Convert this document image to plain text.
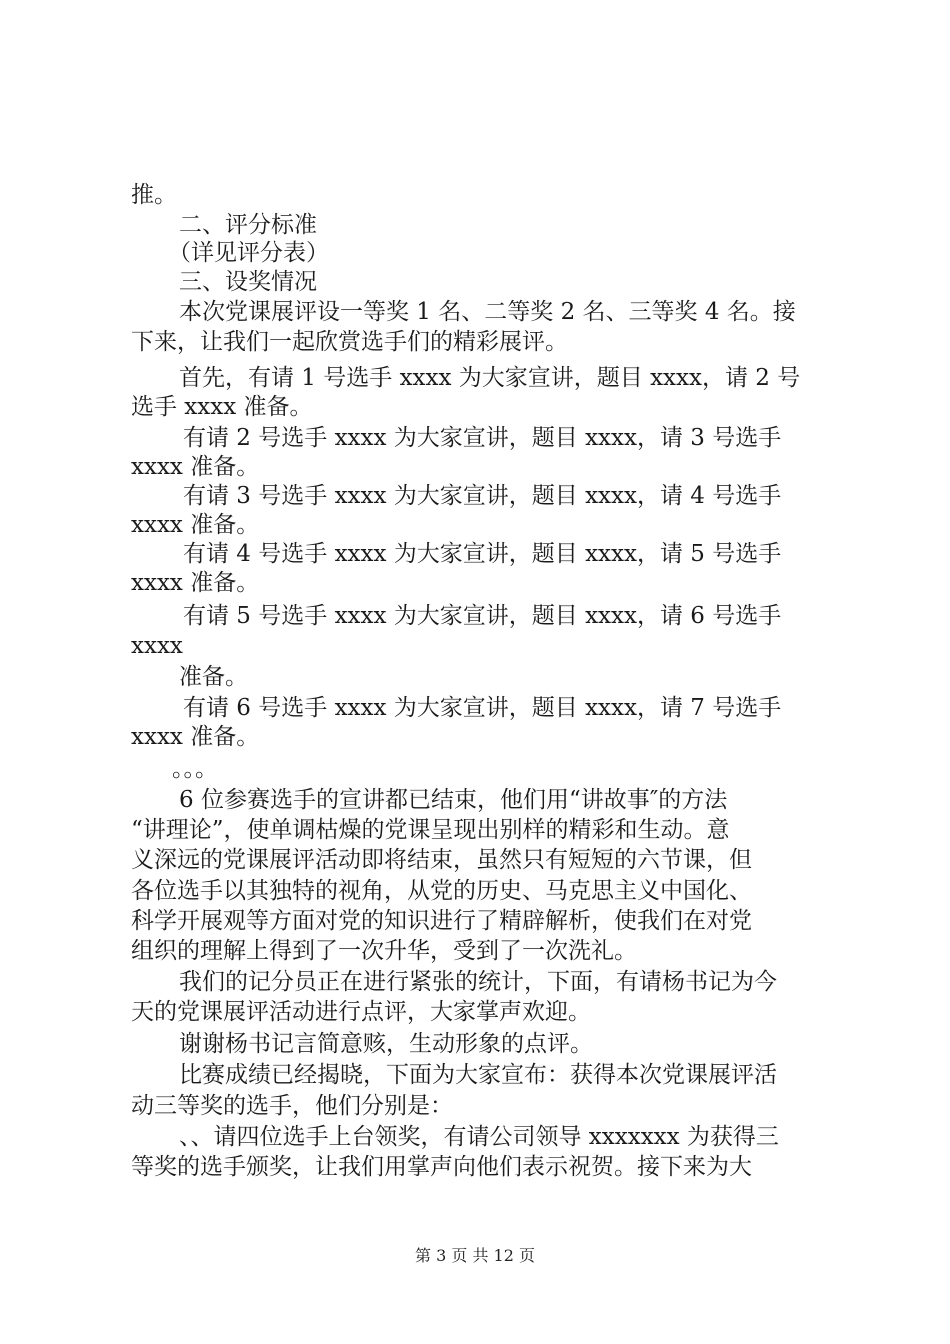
推。

二、评分标准

（详见评分表）

三、设奖情况

本次党课展评设一等奖 1 名、二等奖 2 名、三等奖 4 名。接

下来，让我们一起欣赏选手们的精彩展评。

首先，有请 1 号选手 xxxx 为大家宣讲，题目 xxxx，请 2 号

选手 xxxx 准备。

有请 2 号选手 xxxx 为大家宣讲，题目 xxxx，请 3 号选手

xxxx 准备。

有请 3 号选手 xxxx 为大家宣讲，题目 xxxx，请 4 号选手

xxxx 准备。

有请 4 号选手 xxxx 为大家宣讲，题目 xxxx，请 5 号选手

xxxx 准备。

有请 5 号选手 xxxx 为大家宣讲，题目 xxxx，请 6 号选手

xxxx

准备。

有请 6 号选手 xxxx 为大家宣讲，题目 xxxx，请 7 号选手

xxxx 准备。

。。。

6 位参赛选手的宣讲都已结束，他们用“讲故事″的方法

“讲理论”，使单调枯燥的党课呈现出别样的精彩和生动。意

义深远的党课展评活动即将结束，虽然只有短短的六节课，但

各位选手以其独特的视角，从党的历史、马克思主义中国化、

科学开展观等方面对党的知识进行了精辟解析，使我们在对党

组织的理解上得到了一次升华，受到了一次洗礼。

我们的记分员正在进行紧张的统计，下面，有请杨书记为今

天的党课展评活动进行点评，大家掌声欢迎。

谢谢杨书记言简意赅，生动形象的点评。

比赛成绩已经揭晓，下面为大家宣布：获得本次党课展评活

动三等奖的选手，他们分别是：

、、请四位选手上台领奖，有请公司领导 xxxxxxx 为获得三

等奖的选手颁奖，让我们用掌声向他们表示祝贺。接下来为大

第 3 页 共 12 页
